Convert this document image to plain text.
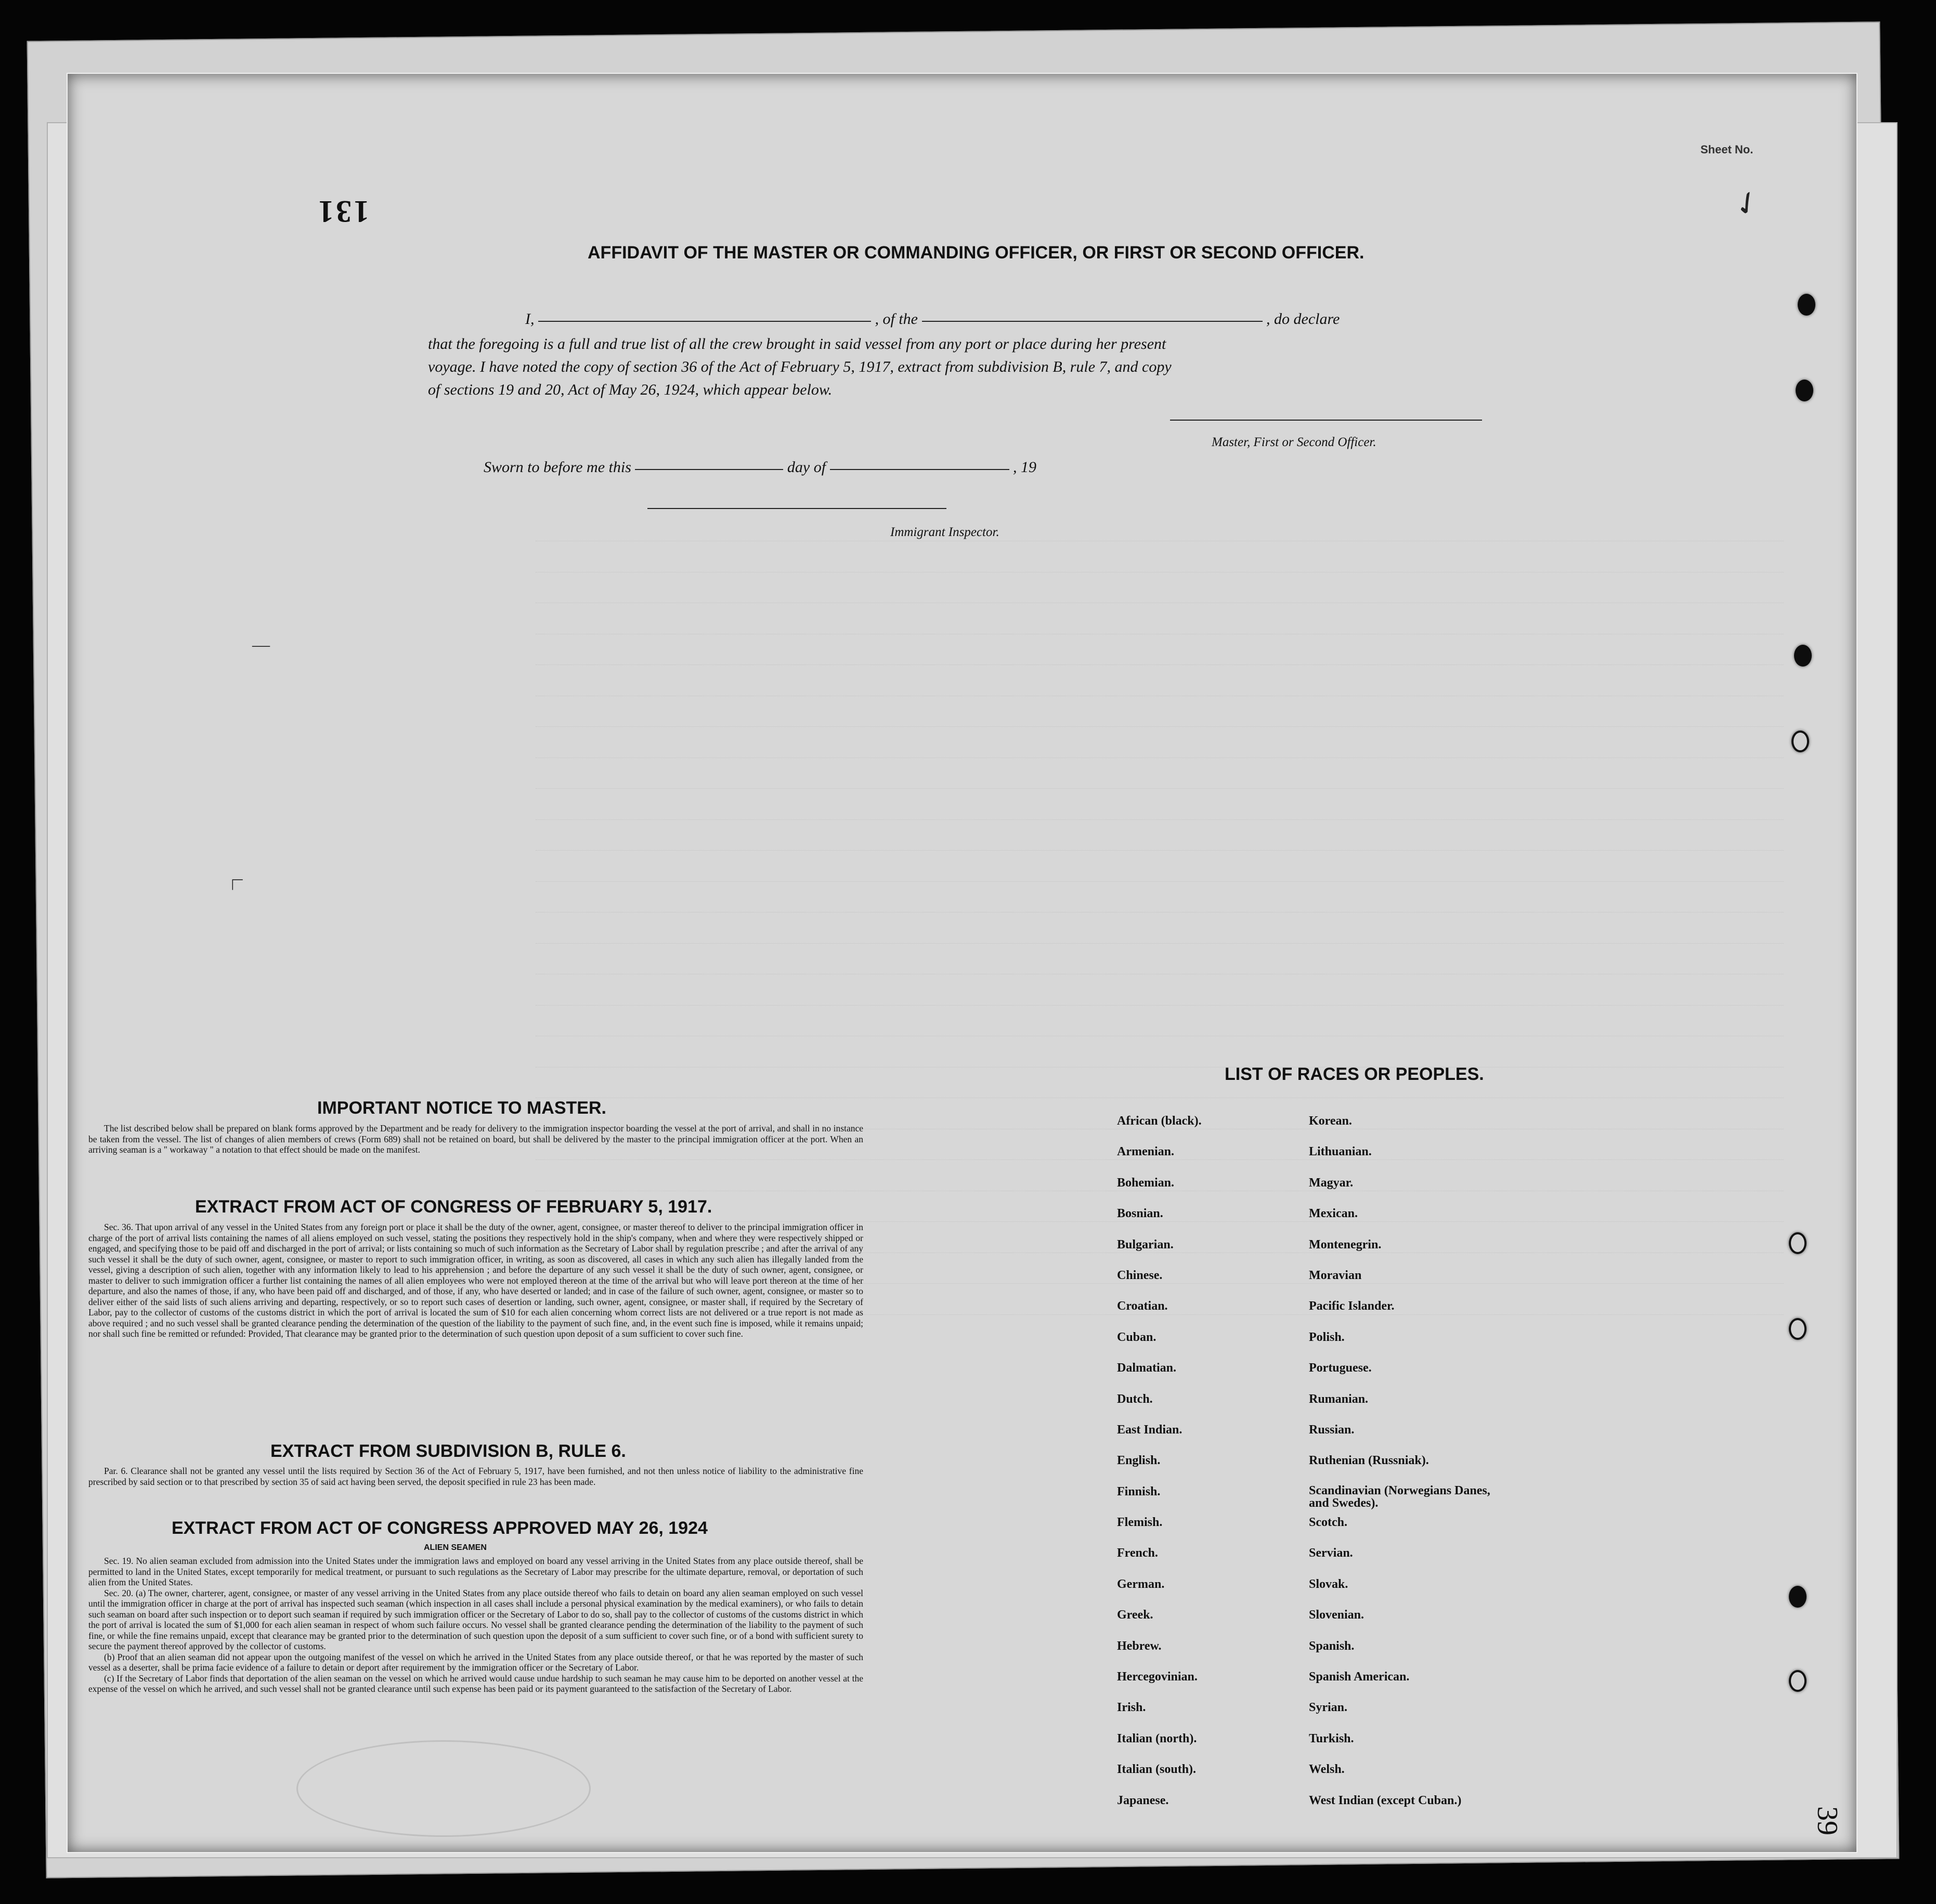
Sheet No.
131
AFFIDAVIT OF THE MASTER OR COMMANDING OFFICER, OR FIRST OR SECOND OFFICER.
I,	, of the	, do declare
that the foregoing is a full and true list of all the crew brought in said vessel from any port or place during her present
voyage. I have noted the copy of section 36 of the Act of February 5, 1917, extract from subdivision B, rule 7, and copy
of sections 19 and 20, Act of May 26, 1924, which appear below.
Master, First or Second Officer.
Sworn to before me this	day of	, 19
Immigrant Inspector.
IMPORTANT NOTICE TO MASTER.

The list described below shall be prepared on blank forms approved by the Department and be ready for delivery to the immigration inspector boarding the vessel at the port of arrival, and shall in no instance be taken from the vessel. The list of changes of alien members of crews (Form 689) shall not be retained on board, but shall be delivered by the master to the principal immigration officer at the port. When an arriving seaman is a " workaway " a notation to that effect should be made on the manifest.

EXTRACT FROM ACT OF CONGRESS OF FEBRUARY 5, 1917.

Sec. 36. That upon arrival of any vessel in the United States from any foreign port or place it shall be the duty of the owner, agent, consignee, or master thereof to deliver to the principal immigration officer in charge of the port of arrival lists containing the names of all aliens employed on such vessel, stating the positions they respectively hold in the ship's company, when and where they were respectively shipped or engaged, and specifying those to be paid off and discharged in the port of arrival; or lists containing so much of such information as the Secretary of Labor shall by regulation prescribe ; and after the arrival of any such vessel it shall be the duty of such owner, agent, consignee, or master to report to such immigration officer, in writing, as soon as discovered, all cases in which any such alien has illegally landed from the vessel, giving a description of such alien, together with any information likely to lead to his apprehension ; and before the departure of any such vessel it shall be the duty of such owner, agent, consignee, or master to deliver to such immigration officer a further list containing the names of all alien employees who were not employed thereon at the time of the arrival but who will leave port thereon at the time of her departure, and also the names of those, if any, who have been paid off and discharged, and of those, if any, who have deserted or landed; and in case of the failure of such owner, agent, consignee, or master so to deliver either of the said lists of such aliens arriving and departing, respectively, or so to report such cases of desertion or landing, such owner, agent, consignee, or master shall, if required by the Secretary of Labor, pay to the collector of customs of the customs district in which the port of arrival is located the sum of $10 for each alien concerning whom correct lists are not delivered or a true report is not made as above required ; and no such vessel shall be granted clearance pending the determination of the question of the liability to the payment of such fine, and, in the event such fine is imposed, while it remains unpaid; nor shall such fine be remitted or refunded: Provided, That clearance may be granted prior to the determination of such question upon deposit of a sum sufficient to cover such fine.

EXTRACT FROM SUBDIVISION B, RULE 6.

Par. 6. Clearance shall not be granted any vessel until the lists required by Section 36 of the Act of February 5, 1917, have been furnished, and not then unless notice of liability to the administrative fine prescribed by said section or to that prescribed by section 35 of said act having been served, the deposit specified in rule 23 has been made.

EXTRACT FROM ACT OF CONGRESS APPROVED MAY 26, 1924
ALIEN SEAMEN

Sec. 19. No alien seaman excluded from admission into the United States under the immigration laws and employed on board any vessel arriving in the United States from any place outside thereof, shall be permitted to land in the United States, except temporarily for medical treatment, or pursuant to such regulations as the Secretary of Labor may prescribe for the ultimate departure, removal, or deportation of such alien from the United States.

Sec. 20. (a) The owner, charterer, agent, consignee, or master of any vessel arriving in the United States from any place outside thereof who fails to detain on board any alien seaman employed on such vessel until the immigration officer in charge at the port of arrival has inspected such seaman (which inspection in all cases shall include a personal physical examination by the medical examiners), or who fails to detain such seaman on board after such inspection or to deport such seaman if required by such immigration officer or the Secretary of Labor to do so, shall pay to the collector of customs of the customs district in which the port of arrival is located the sum of $1,000 for each alien seaman in respect of whom such failure occurs. No vessel shall be granted clearance pending the determination of the liability to the payment of such fine, or while the fine remains unpaid, except that clearance may be granted prior to the determination of such question upon the deposit of a sum sufficient to cover such fine, or of a bond with sufficient surety to secure the payment thereof approved by the collector of customs.

(b) Proof that an alien seaman did not appear upon the outgoing manifest of the vessel on which he arrived in the United States from any place outside thereof, or that he was reported by the master of such vessel as a deserter, shall be prima facie evidence of a failure to detain or deport after requirement by the immigration officer or the Secretary of Labor.

(c) If the Secretary of Labor finds that deportation of the alien seaman on the vessel on which he arrived would cause undue hardship to such seaman he may cause him to be deported on another vessel at the expense of the vessel on which he arrived, and such vessel shall not be granted clearance until such expense has been paid or its payment guaranteed to the satisfaction of the Secretary of Labor.

LIST OF RACES OR PEOPLES.
African (black).
Armenian.
Bohemian.
Bosnian.
Bulgarian.
Chinese.
Croatian.
Cuban.
Dalmatian.
Dutch.
East Indian.
English.
Finnish.
Flemish.
French.
German.
Greek.
Hebrew.
Hercegovinian.
Irish.
Italian (north).
Italian (south).
Japanese.
Korean.
Lithuanian.
Magyar.
Mexican.
Montenegrin.
Moravian
Pacific Islander.
Polish.
Portuguese.
Rumanian.
Russian.
Ruthenian (Russniak).
Scandinavian (Norwegians Danes, and Swedes).
Scotch.
Servian.
Slovak.
Slovenian.
Spanish.
Spanish American.
Syrian.
Turkish.
Welsh.
West Indian (except Cuban.)
✓
—
∟
39
